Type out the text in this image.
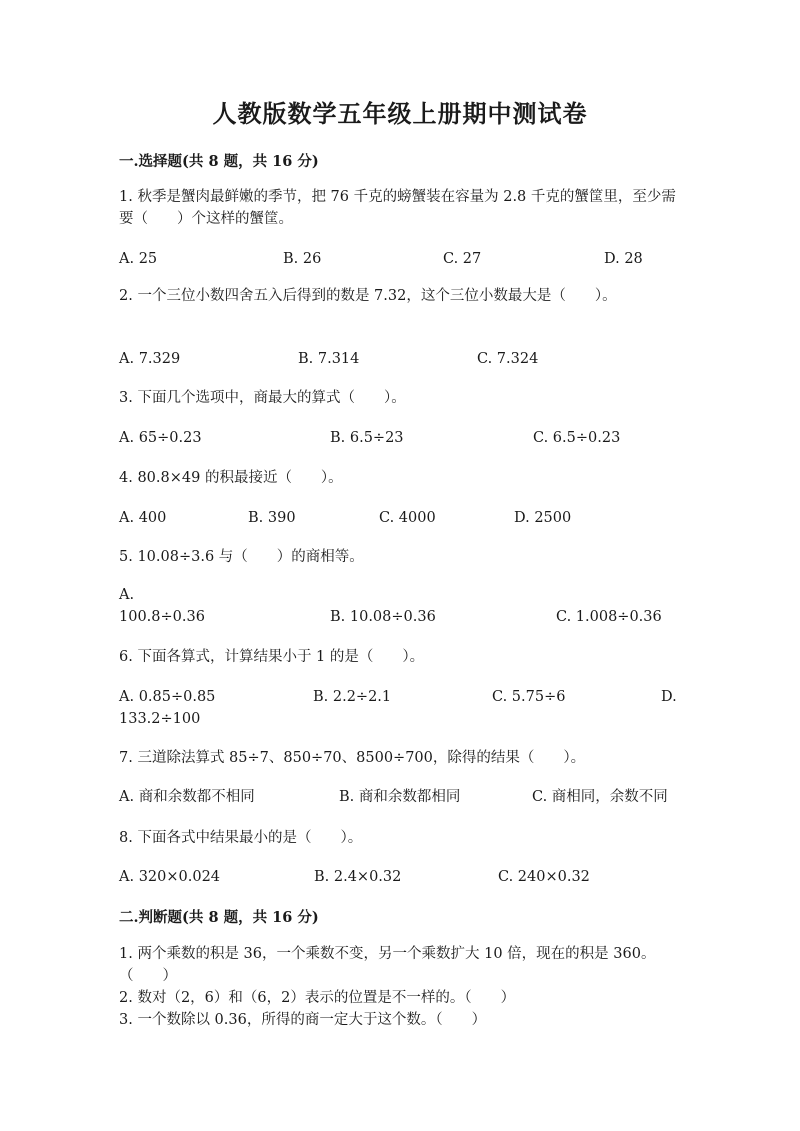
人教版数学五年级上册期中测试卷
一.选择题(共 8 题，共 16 分)
1. 秋季是蟹肉最鲜嫩的季节，把 76 千克的螃蟹装在容量为 2.8 千克的蟹筐里，至少需要（　　）个这样的蟹筐。
A. 25	B. 26	C. 27	D. 28
2. 一个三位小数四舍五入后得到的数是 7.32，这个三位小数最大是（　　）。
A. 7.329	B. 7.314	C. 7.324
3. 下面几个选项中，商最大的算式（　　）。
A. 65÷0.23	B. 6.5÷23	C. 6.5÷0.23
4. 80.8×49 的积最接近（　　）。
A. 400	B. 390	C. 4000	D. 2500
5. 10.08÷3.6 与（　　）的商相等。
A.
100.8÷0.36	B. 10.08÷0.36	C. 1.008÷0.36
6. 下面各算式，计算结果小于 1 的是（　　）。
A. 0.85÷0.85	B. 2.2÷2.1	C. 5.75÷6	D.
133.2÷100
7. 三道除法算式 85÷7、850÷70、8500÷700，除得的结果（　　）。
A. 商和余数都不相同	B. 商和余数都相同	C. 商相同，余数不同
8. 下面各式中结果最小的是（　　）。
A. 320×0.024	B. 2.4×0.32	C. 240×0.32
二.判断题(共 8 题，共 16 分)
1. 两个乘数的积是 36，一个乘数不变，另一个乘数扩大 10 倍，现在的积是 360。（　　）
2. 数对（2，6）和（6，2）表示的位置是不一样的。（　　）
3. 一个数除以 0.36，所得的商一定大于这个数。（　　）
